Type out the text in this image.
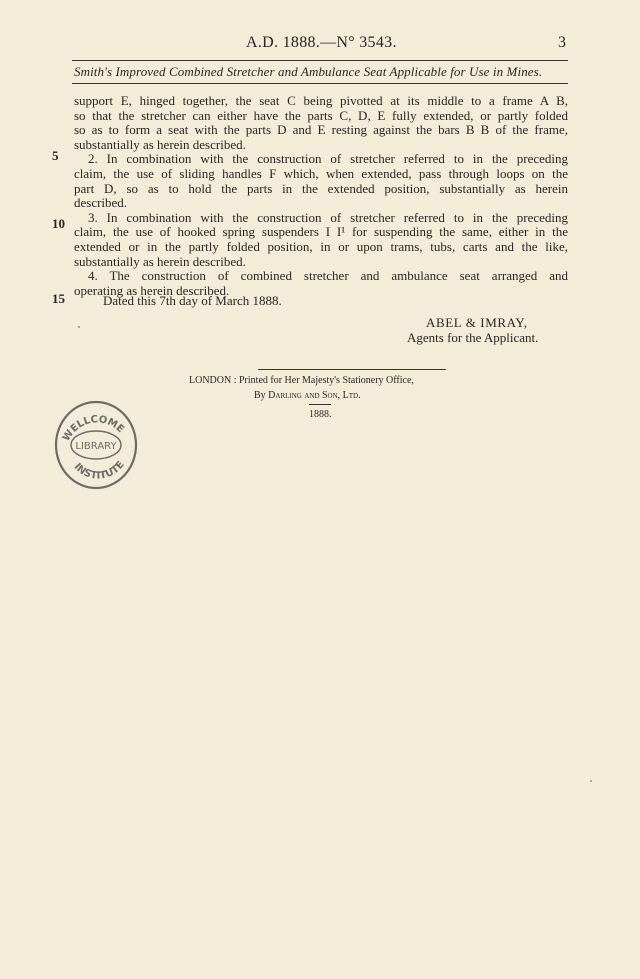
A.D. 1888.—N° 3543.	3
Smith's Improved Combined Stretcher and Ambulance Seat Applicable for Use in Mines.
support E, hinged together, the seat C being pivotted at its middle to a frame A B,
so that the stretcher can either have the parts C, D, E fully extended, or partly folded
so as to form a seat with the parts D and E resting against the bars B B of the frame,
substantially as herein described.
2. In combination with the construction of stretcher referred to in the preceding
claim, the use of sliding handles F which, when extended, pass through loops on the
part D, so as to hold the parts in the extended position, substantially as herein
described.
3. In combination with the construction of stretcher referred to in the preceding
claim, the use of hooked spring suspenders I I¹ for suspending the same, either in the
extended or in the partly folded position, in or upon trams, tubs, carts and the like,
substantially as herein described.
4. The construction of combined stretcher and ambulance seat arranged and
operating as herein described.
5
10
15	Dated this 7th day of March 1888.
ABEL & IMRAY,
Agents for the Applicant.
LONDON : Printed for Her Majesty's Stationery Office,
By Darling and Son, Ltd.
1888.
WELLCOME
LIBRARY
INSTITUTE
